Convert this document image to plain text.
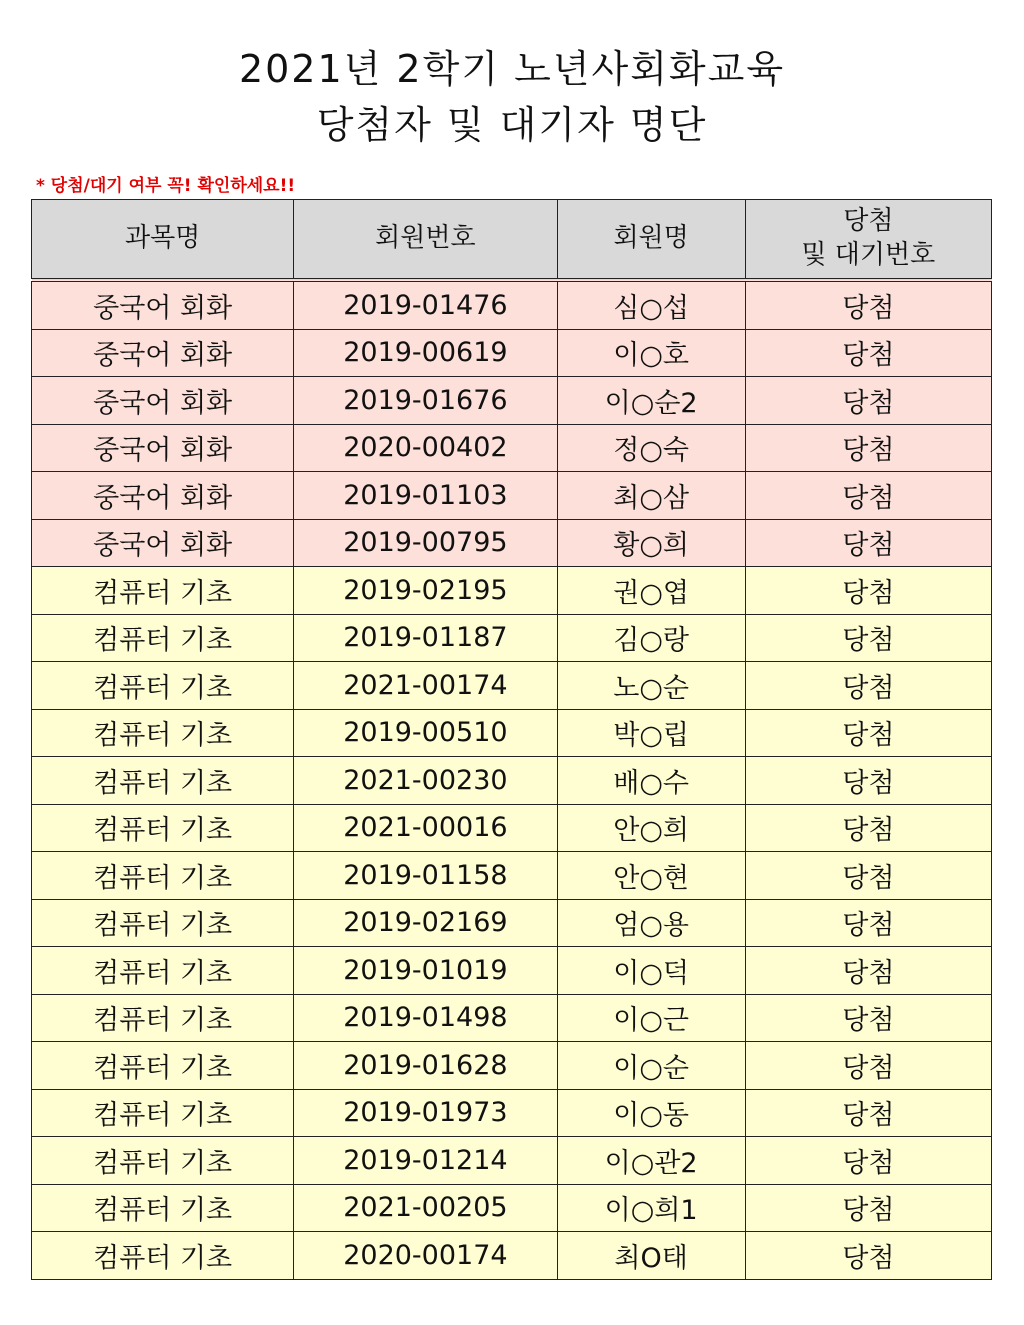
2021년 2학기 노년사회화교육
당첨자 및 대기자 명단
* 당첨/대기 여부 꼭! 확인하세요!!
과목명	회원번호	회원명	당첨
및 대기번호

중국어 회화	2019-01476	심○섭	당첨
중국어 회화	2019-00619	이○호	당첨
중국어 회화	2019-01676	이○순2	당첨
중국어 회화	2020-00402	정○숙	당첨
중국어 회화	2019-01103	최○삼	당첨
중국어 회화	2019-00795	황○희	당첨
컴퓨터 기초	2019-02195	권○엽	당첨
컴퓨터 기초	2019-01187	김○랑	당첨
컴퓨터 기초	2021-00174	노○순	당첨
컴퓨터 기초	2019-00510	박○립	당첨
컴퓨터 기초	2021-00230	배○수	당첨
컴퓨터 기초	2021-00016	안○희	당첨
컴퓨터 기초	2019-01158	안○현	당첨
컴퓨터 기초	2019-02169	엄○용	당첨
컴퓨터 기초	2019-01019	이○덕	당첨
컴퓨터 기초	2019-01498	이○근	당첨
컴퓨터 기초	2019-01628	이○순	당첨
컴퓨터 기초	2019-01973	이○동	당첨
컴퓨터 기초	2019-01214	이○관2	당첨
컴퓨터 기초	2021-00205	이○희1	당첨
컴퓨터 기초	2020-00174	최O태	당첨
